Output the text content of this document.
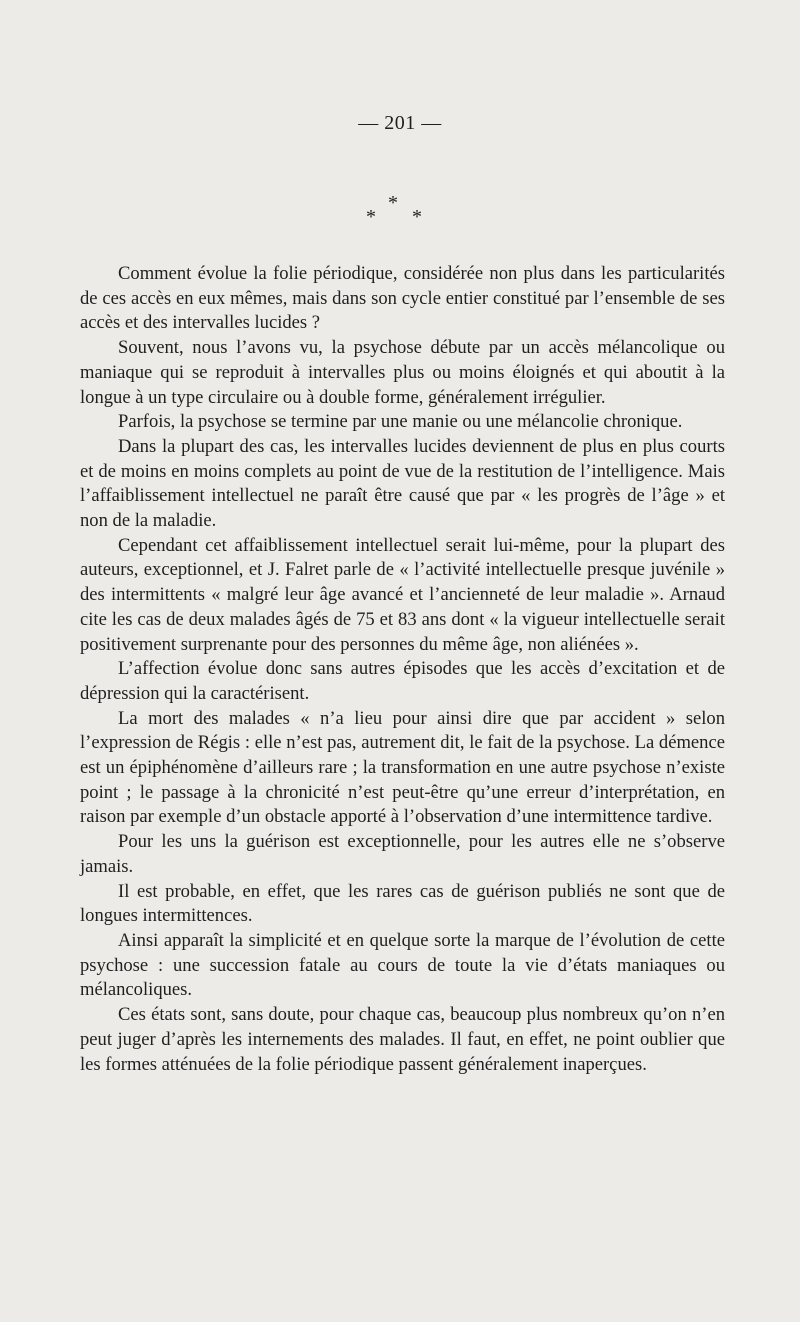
— 201 —
*
* *

Comment évolue la folie périodique, considérée non plus dans les particularités de ces accès en eux mêmes, mais dans son cycle entier constitué par l’ensemble de ses accès et des intervalles lucides ?

Souvent, nous l’avons vu, la psychose débute par un accès mélancolique ou maniaque qui se reproduit à intervalles plus ou moins éloignés et qui aboutit à la longue à un type circulaire ou à double forme, généralement irrégulier.

Parfois, la psychose se termine par une manie ou une mélancolie chronique.

Dans la plupart des cas, les intervalles lucides deviennent de plus en plus courts et de moins en moins complets au point de vue de la restitution de l’intelligence. Mais l’affaiblissement intellectuel ne paraît être causé que par « les progrès de l’âge » et non de la maladie.

Cependant cet affaiblissement intellectuel serait lui-même, pour la plupart des auteurs, exceptionnel, et J. Falret parle de « l’activité intellectuelle presque juvénile » des intermittents « malgré leur âge avancé et l’ancienneté de leur maladie ». Arnaud cite les cas de deux malades âgés de 75 et 83 ans dont « la vigueur intellectuelle serait positivement surprenante pour des personnes du même âge, non aliénées ».

L’affection évolue donc sans autres épisodes que les accès d’excitation et de dépression qui la caractérisent.

La mort des malades « n’a lieu pour ainsi dire que par accident » selon l’expression de Régis : elle n’est pas, autrement dit, le fait de la psychose. La démence est un épiphénomène d’ailleurs rare ; la transformation en une autre psychose n’existe point ; le passage à la chronicité n’est peut-être qu’une erreur d’interprétation, en raison par exemple d’un obstacle apporté à l’observation d’une intermittence tardive.

Pour les uns la guérison est exceptionnelle, pour les autres elle ne s’observe jamais.

Il est probable, en effet, que les rares cas de guérison publiés ne sont que de longues intermittences.

Ainsi apparaît la simplicité et en quelque sorte la marque de l’évolution de cette psychose : une succession fatale au cours de toute la vie d’états maniaques ou mélancoliques.

Ces états sont, sans doute, pour chaque cas, beaucoup plus nombreux qu’on n’en peut juger d’après les internements des malades. Il faut, en effet, ne point oublier que les formes atténuées de la folie périodique passent généralement inaperçues.
